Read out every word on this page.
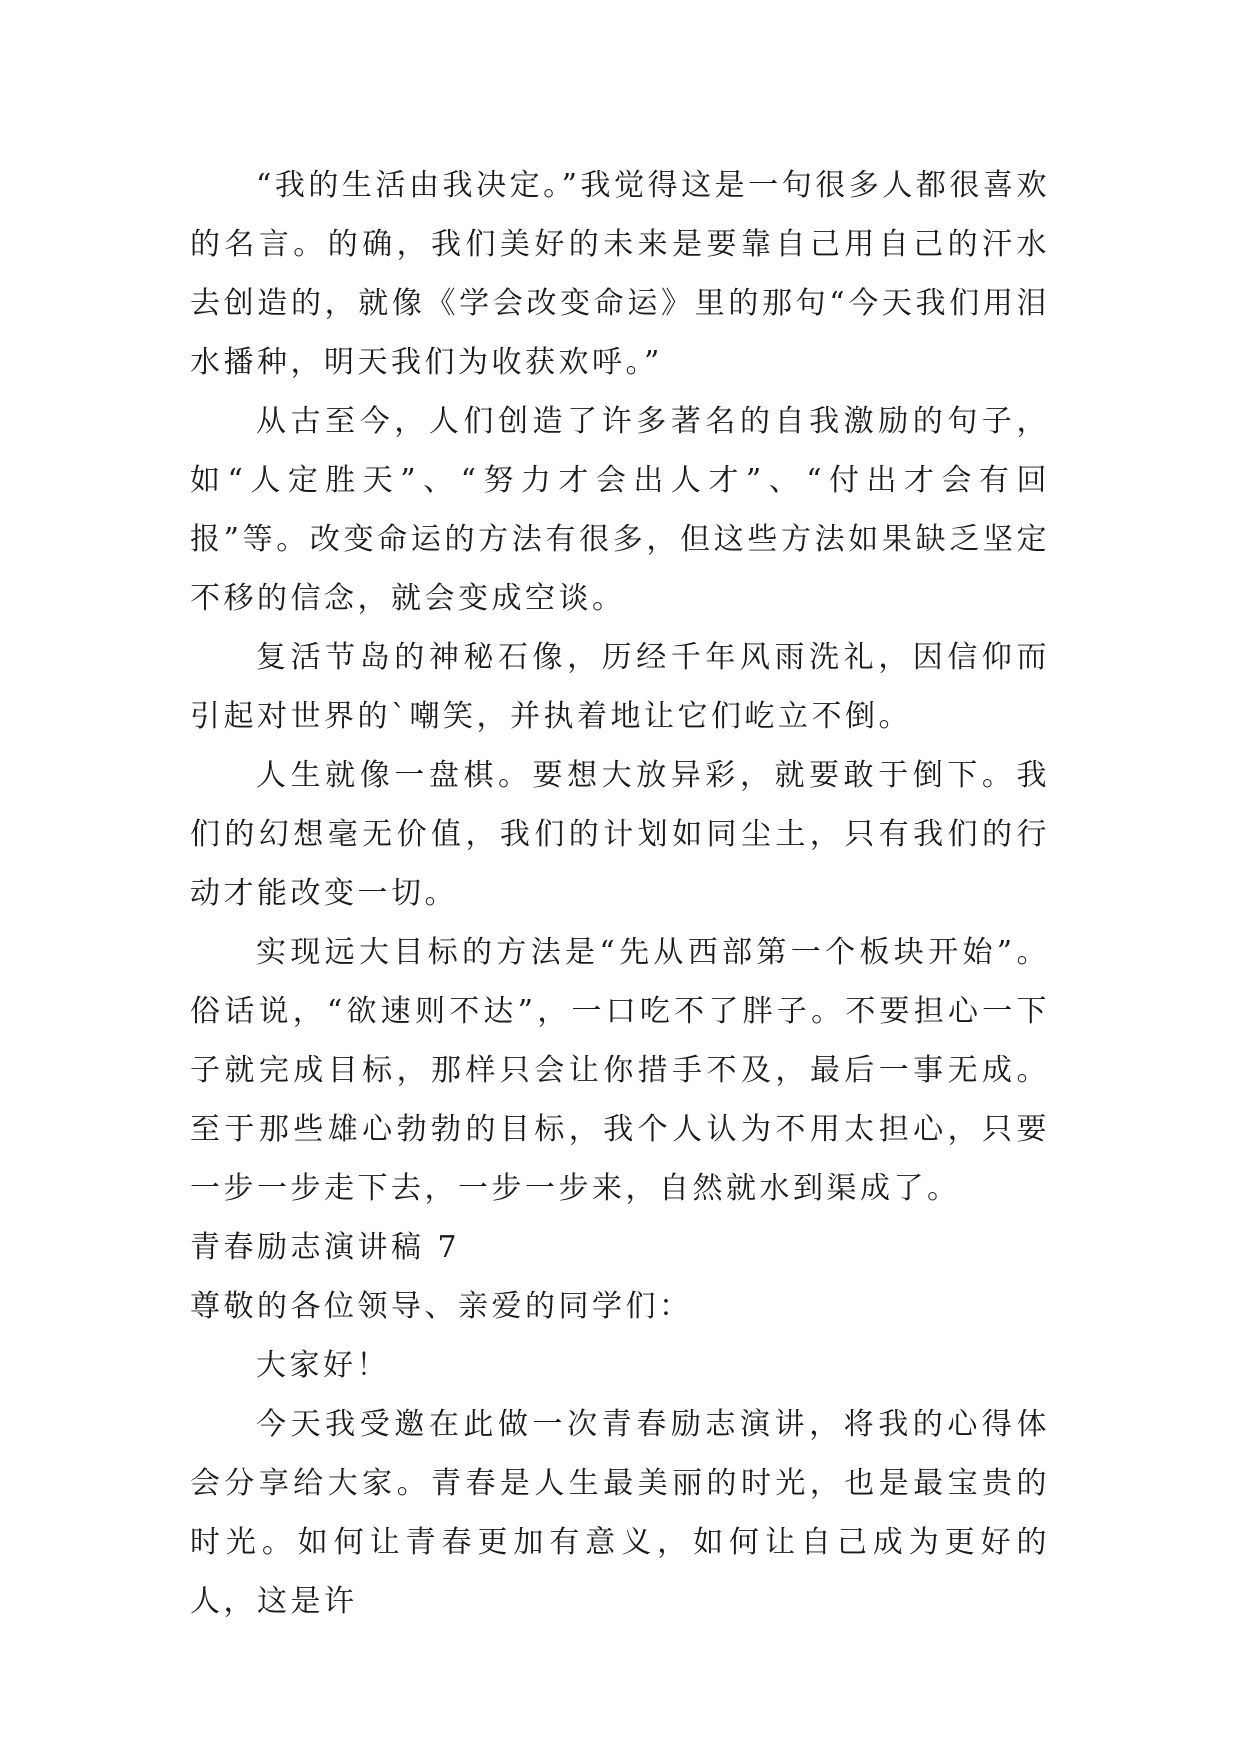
“我的生活由我决定。”我觉得这是一句很多人都很喜欢的名言。的确，我们美好的未来是要靠自己用自己的汗水去创造的，就像《学会改变命运》里的那句“今天我们用泪水播种，明天我们为收获欢呼。”

从古至今，人们创造了许多著名的自我激励的句子，如“人定胜天”、“努力才会出人才”、“付出才会有回报”等。改变命运的方法有很多，但这些方法如果缺乏坚定不移的信念，就会变成空谈。

复活节岛的神秘石像，历经千年风雨洗礼，因信仰而引起对世界的`嘲笑，并执着地让它们屹立不倒。

人生就像一盘棋。要想大放异彩，就要敢于倒下。我们的幻想毫无价值，我们的计划如同尘土，只有我们的行动才能改变一切。

实现远大目标的方法是“先从西部第一个板块开始”。俗话说，“欲速则不达”，一口吃不了胖子。不要担心一下子就完成目标，那样只会让你措手不及，最后一事无成。至于那些雄心勃勃的目标，我个人认为不用太担心，只要一步一步走下去，一步一步来，自然就水到渠成了。

青春励志演讲稿 7

尊敬的各位领导、亲爱的同学们：

大家好！

今天我受邀在此做一次青春励志演讲，将我的心得体会分享给大家。青春是人生最美丽的时光，也是最宝贵的时光。如何让青春更加有意义，如何让自己成为更好的人，这是许
